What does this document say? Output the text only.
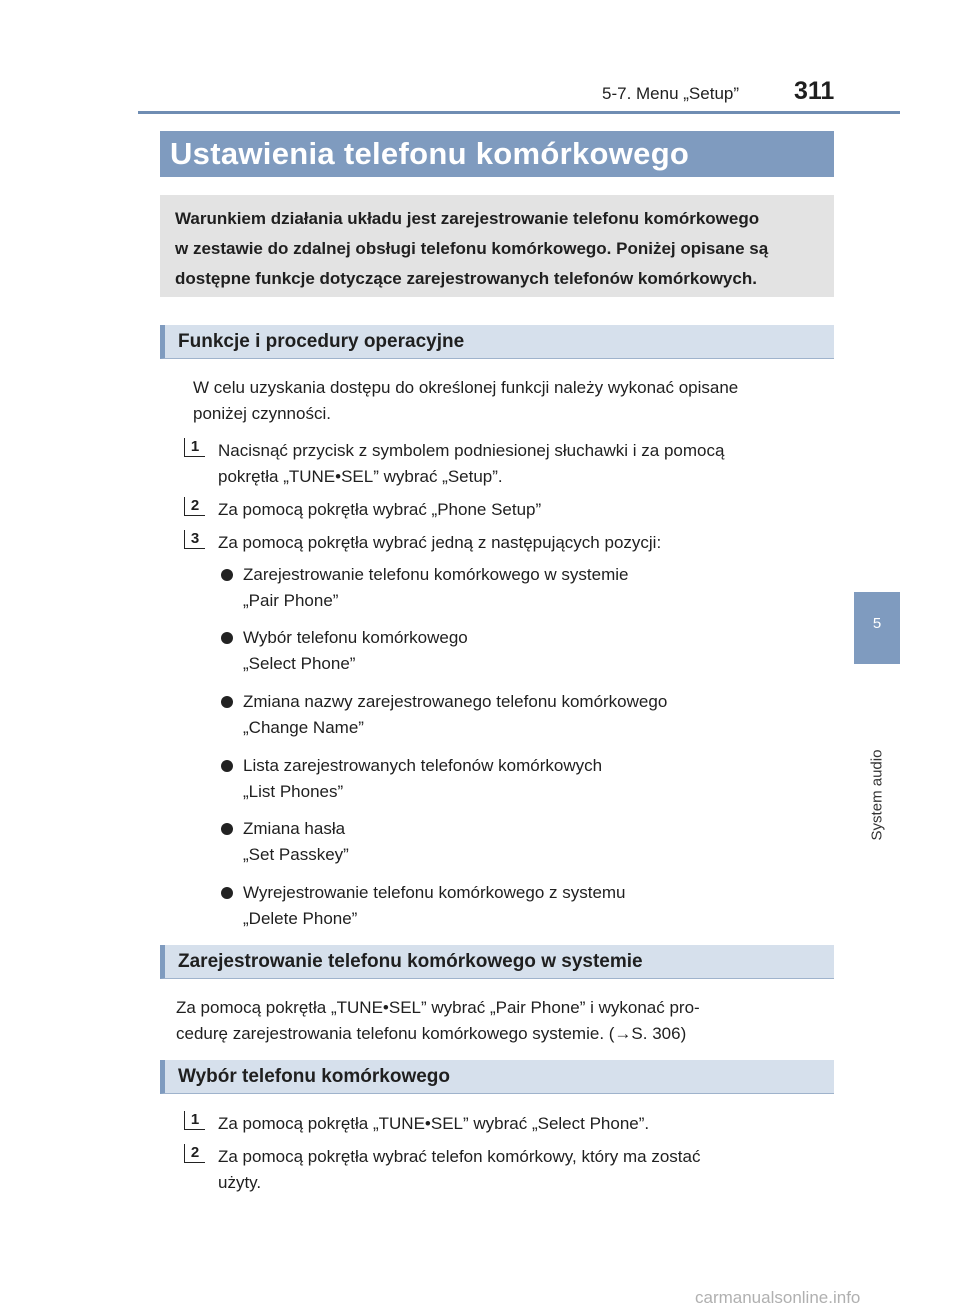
5-7. Menu „Setup” 311
5
System audio
Ustawienia telefonu komórkowego
Warunkiem działania układu jest zarejestrowanie telefonu komórkowego
w zestawie do zdalnej obsługi telefonu komórkowego. Poniżej opisane są
dostępne funkcje dotyczące zarejestrowanych telefonów komórkowych.
Funkcje i procedury operacyjne
W celu uzyskania dostępu do określonej funkcji należy wykonać opisane
poniżej czynności.
1	Nacisnąć przycisk z symbolem podniesionej słuchawki i za pomocą
pokrętła „TUNE•SEL” wybrać „Setup”.
2	Za pomocą pokrętła wybrać „Phone Setup”
3	Za pomocą pokrętła wybrać jedną z następujących pozycji:
Zarejestrowanie telefonu komórkowego w systemie
„Pair Phone”
Wybór telefonu komórkowego
„Select Phone”
Zmiana nazwy zarejestrowanego telefonu komórkowego
„Change Name”
Lista zarejestrowanych telefonów komórkowych
„List Phones”
Zmiana hasła
„Set Passkey”
Wyrejestrowanie telefonu komórkowego z systemu
„Delete Phone”
Zarejestrowanie telefonu komórkowego w systemie
Za pomocą pokrętła „TUNE•SEL” wybrać „Pair Phone” i wykonać pro-
cedurę zarejestrowania telefonu komórkowego systemie. (→S. 306)
Wybór telefonu komórkowego
1	Za pomocą pokrętła „TUNE•SEL” wybrać „Select Phone”.
2	Za pomocą pokrętła wybrać telefon komórkowy, który ma zostać
użyty.
carmanualsonline.info
